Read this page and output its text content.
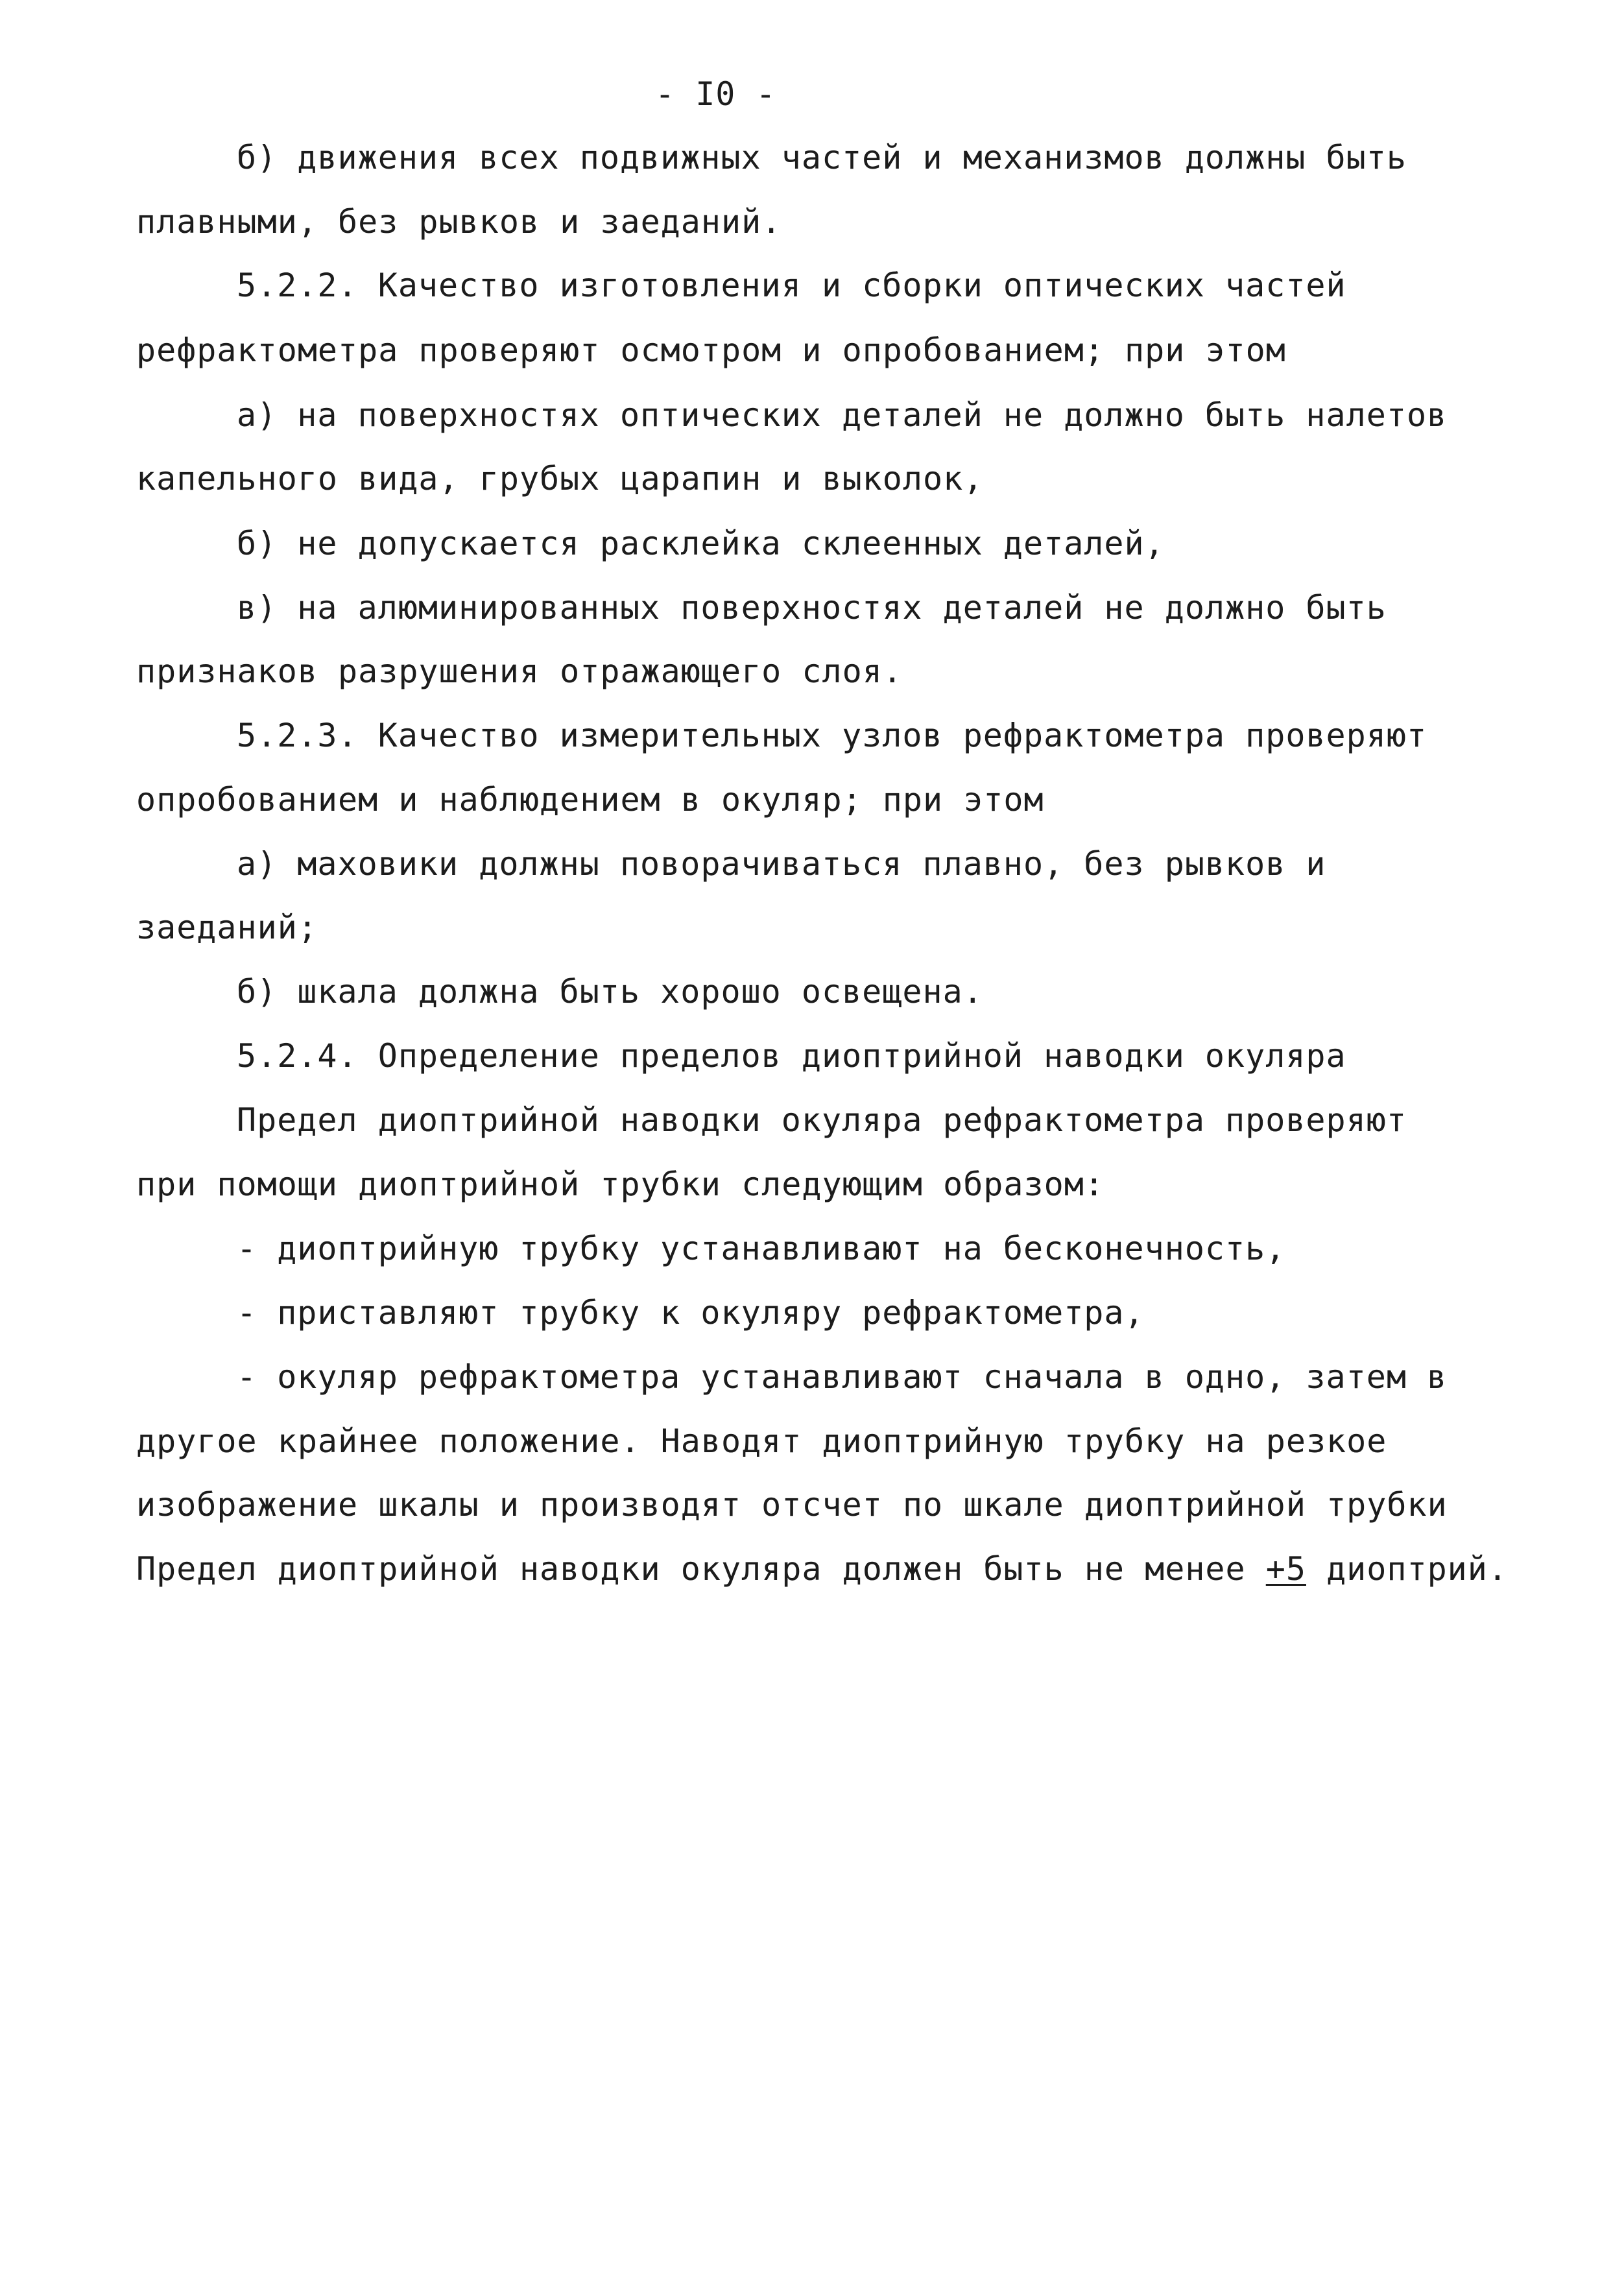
- I0 -
б) движения всех подвижных частей и механизмов должны быть
плавными, без рывков и заеданий.
5.2.2. Качество изготовления и сборки оптических частей
рефрактометра проверяют осмотром и опробованием; при этом
а) на поверхностях оптических деталей не должно быть налетов
капельного вида, грубых царапин и выколок,
б) не допускается расклейка склеенных деталей,
в) на алюминированных поверхностях деталей не должно быть
признаков разрушения отражающего слоя.
5.2.3. Качество измерительных узлов рефрактометра проверяют
опробованием и наблюдением в окуляр; при этом
а) маховики должны поворачиваться плавно, без рывков и
заеданий;
б) шкала должна быть хорошо освещена.
5.2.4. Определение пределов диоптрийной наводки окуляра
Предел диоптрийной наводки окуляра рефрактометра проверяют
при помощи диоптрийной трубки следующим образом:
- диоптрийную трубку устанавливают на бесконечность,
- приставляют трубку к окуляру рефрактометра,
- окуляр рефрактометра устанавливают сначала в одно, затем в
другое крайнее положение. Наводят диоптрийную трубку на резкое
изображение шкалы и производят отсчет по шкале диоптрийной трубки
Предел диоптрийной наводки окуляра должен быть не менее +5 диоптрий.
